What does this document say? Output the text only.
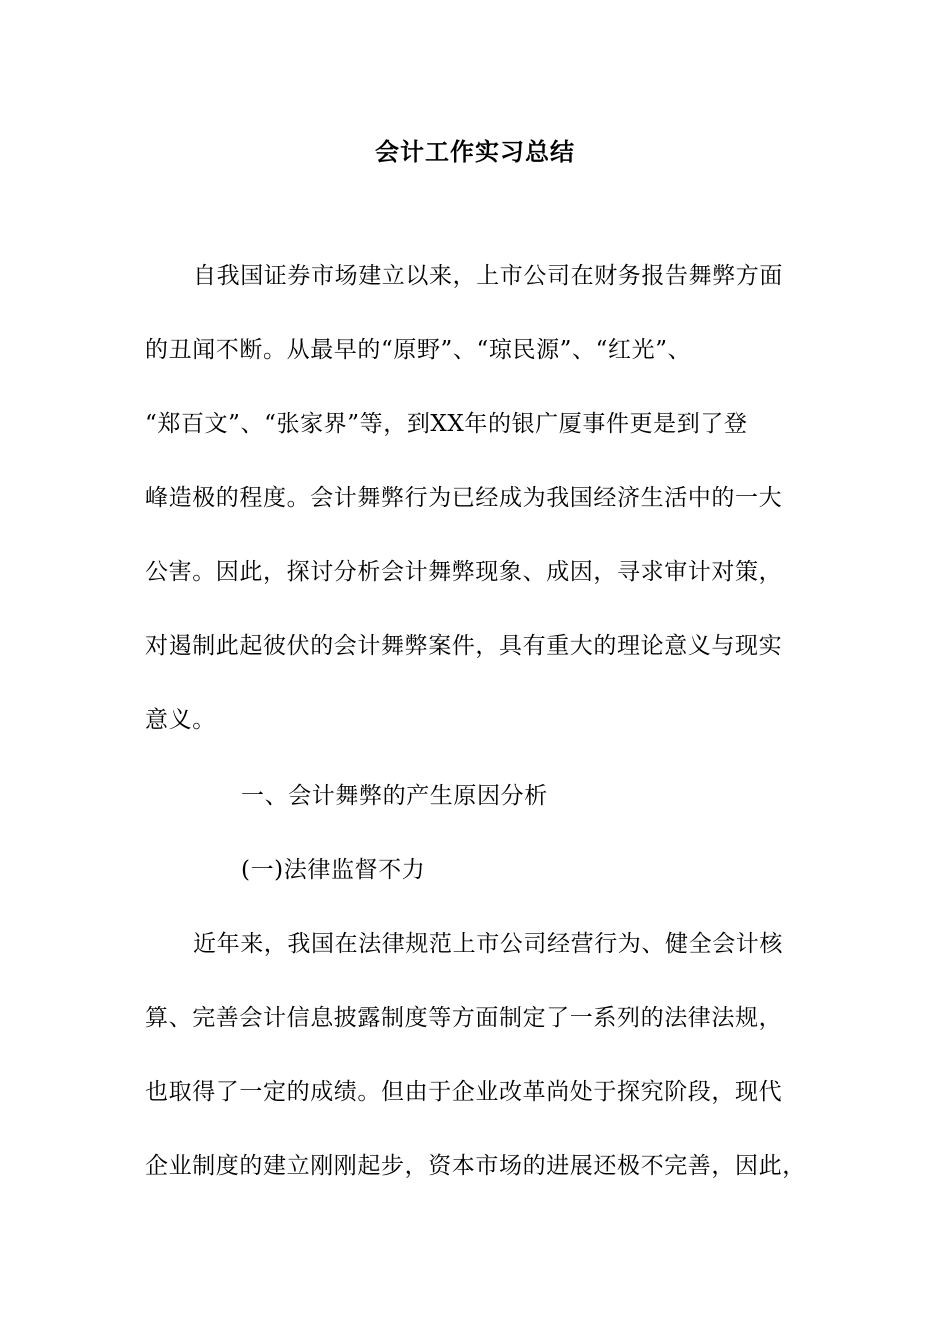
会计工作实习总结
自我国证券市场建立以来，上市公司在财务报告舞弊方面
的丑闻不断。从最早的“原野”、“琼民源”、“红光”、
“郑百文”、“张家界”等，到XX年的银广厦事件更是到了登
峰造极的程度。会计舞弊行为已经成为我国经济生活中的一大
公害。因此，探讨分析会计舞弊现象、成因，寻求审计对策，
对遏制此起彼伏的会计舞弊案件，具有重大的理论意义与现实
意义。
一、会计舞弊的产生原因分析
(一)法律监督不力
近年来，我国在法律规范上市公司经营行为、健全会计核
算、完善会计信息披露制度等方面制定了一系列的法律法规，
也取得了一定的成绩。但由于企业改革尚处于探究阶段，现代
企业制度的建立刚刚起步，资本市场的进展还极不完善，因此，
